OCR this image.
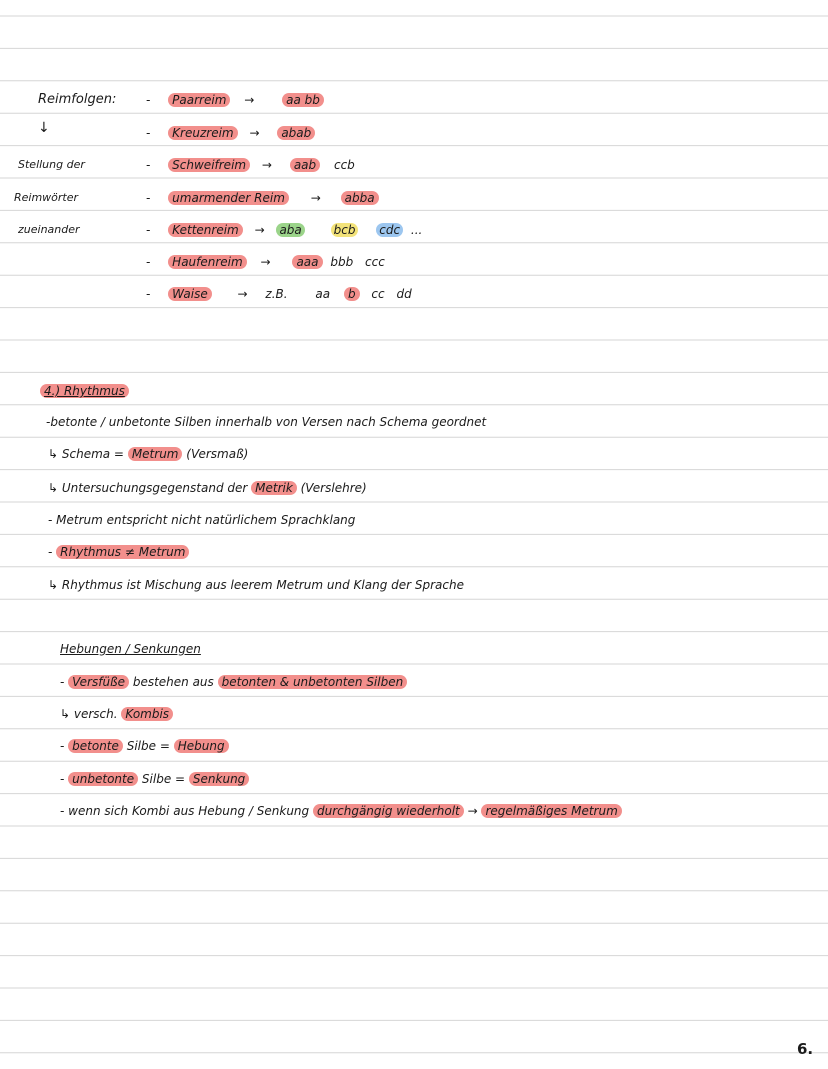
Reimfolgen:
↓
Stellung der
Reimwörter
zueinander
- Paarreim →	aa bb
- Kreuzreim → abab
- Schweifreim → aab ccb
- umarmender Reim → abba
- Kettenreim → aba	bcb cdc ...
- Haufenreim → aaa bbb ccc
- Waise → z.B. aa b cc dd
4.) Rhythmus
-betonte / unbetonte Silben innerhalb von Versen nach Schema geordnet
↳ Schema = Metrum (Versmaß)
↳ Untersuchungsgegenstand der Metrik (Verslehre)
- Metrum entspricht nicht natürlichem Sprachklang
- Rhythmus ≠ Metrum
↳ Rhythmus ist Mischung aus leerem Metrum und Klang der Sprache
Hebungen / Senkungen
- Versfüße bestehen aus betonten & unbetonten Silben
↳ versch. Kombis
- betonte Silbe = Hebung
- unbetonte Silbe = Senkung
- wenn sich Kombi aus Hebung / Senkung durchgängig wiederholt → regelmäßiges Metrum
6.
